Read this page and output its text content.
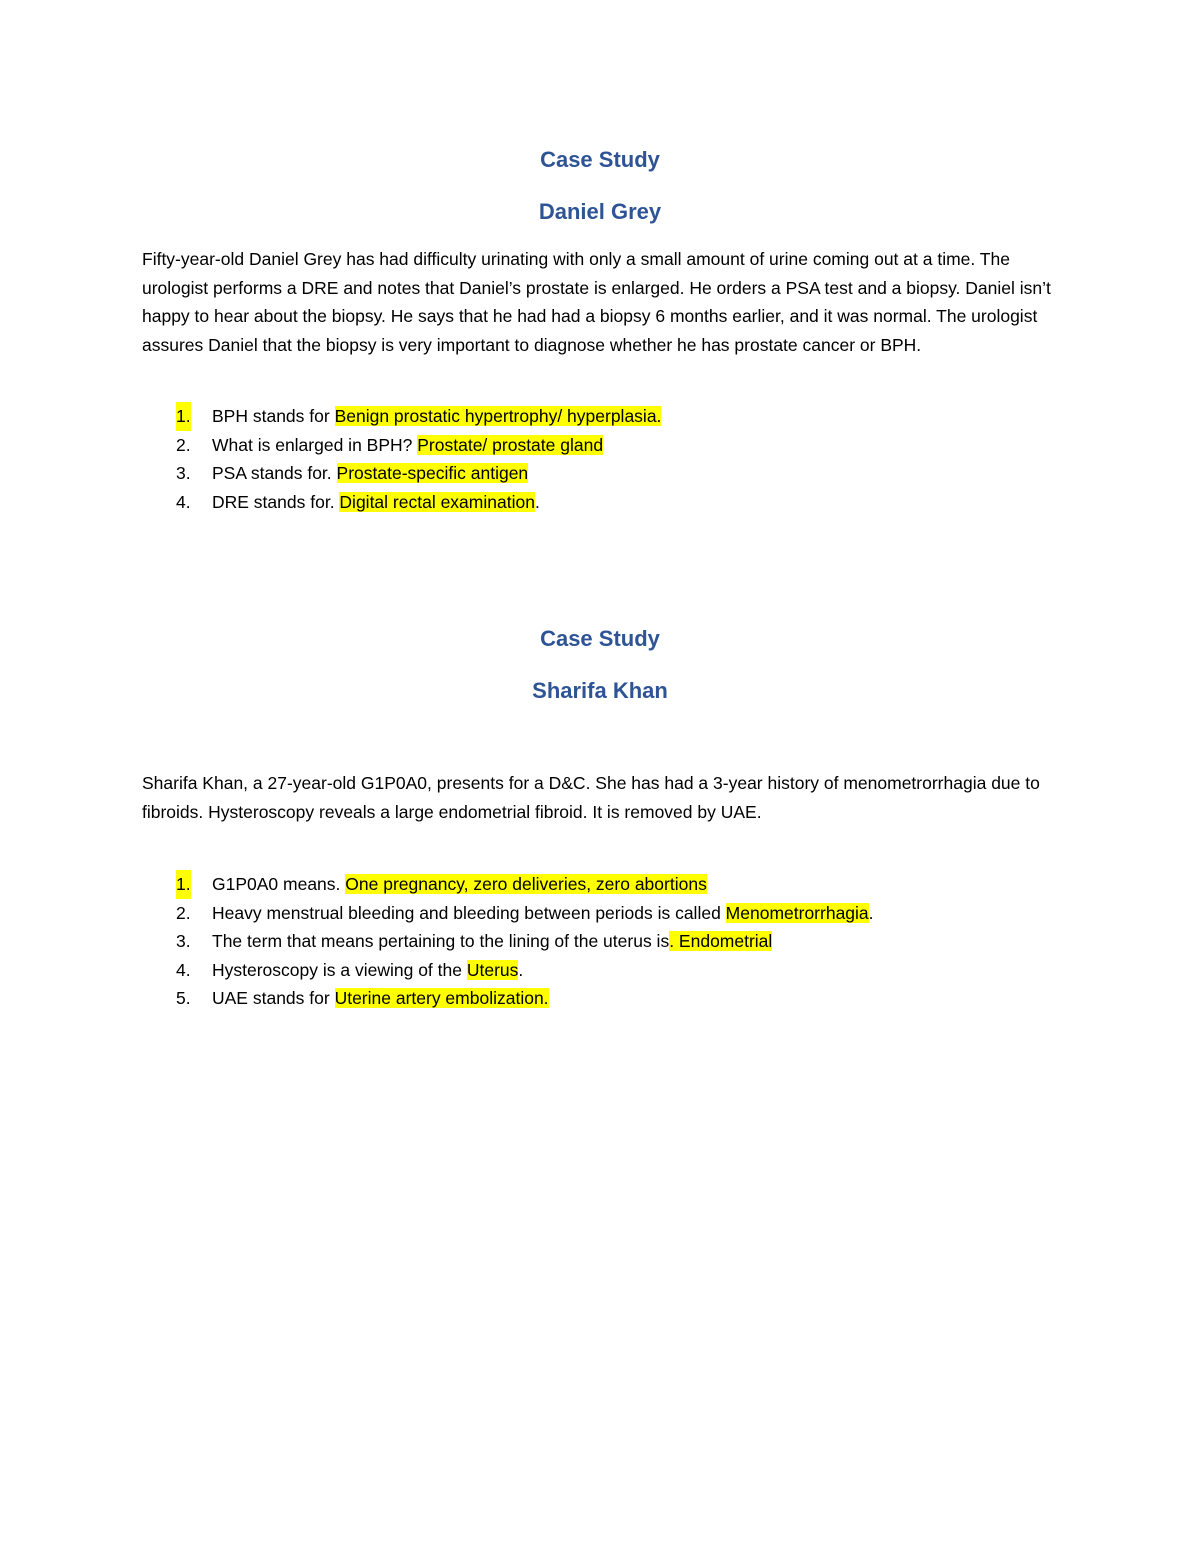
Case Study
Daniel Grey

Fifty-year-old Daniel Grey has had difficulty urinating with only a small amount of urine coming out at a time. The urologist performs a DRE and notes that Daniel’s prostate is enlarged. He orders a PSA test and a biopsy. Daniel isn’t happy to hear about the biopsy. He says that he had had a biopsy 6 months earlier, and it was normal. The urologist assures Daniel that the biopsy is very important to diagnose whether he has prostate cancer or BPH.

1. BPH stands for Benign prostatic hypertrophy/ hyperplasia.
2. What is enlarged in BPH? Prostate/ prostate gland
3. PSA stands for. Prostate-specific antigen
4. DRE stands for. Digital rectal examination.
Case Study
Sharifa Khan

Sharifa Khan, a 27-year-old G1P0A0, presents for a D&C. She has had a 3-year history of menometrorrhagia due to fibroids. Hysteroscopy reveals a large endometrial fibroid. It is removed by UAE.

1. G1P0A0 means. One pregnancy, zero deliveries, zero abortions
2. Heavy menstrual bleeding and bleeding between periods is called Menometrorrhagia.
3. The term that means pertaining to the lining of the uterus is. Endometrial
4. Hysteroscopy is a viewing of the Uterus.
5. UAE stands for Uterine artery embolization.
